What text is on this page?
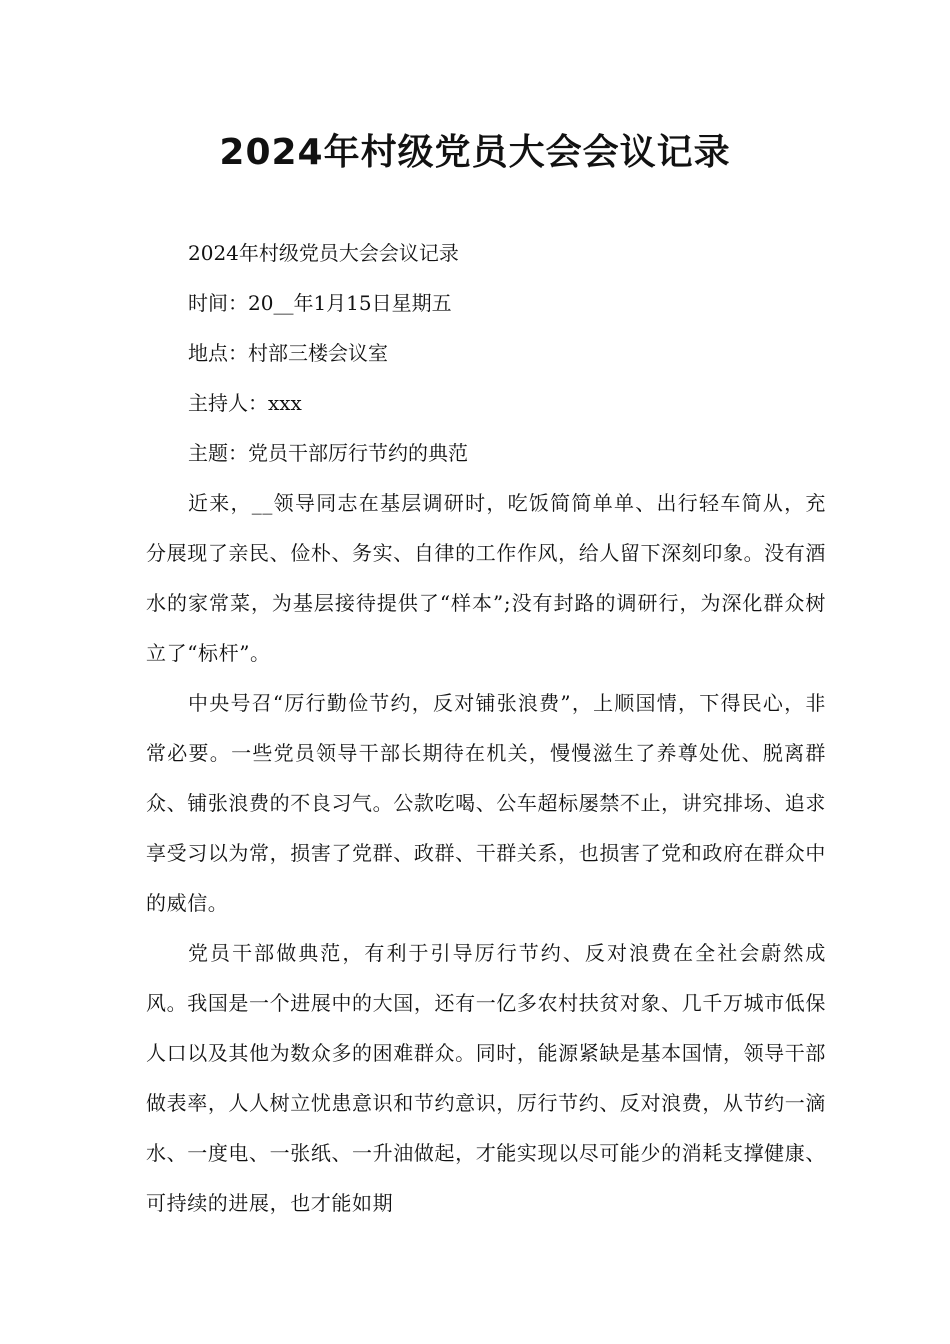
2024年村级党员大会会议记录

2024年村级党员大会会议记录

时间：20__年1月15日星期五

地点：村部三楼会议室

主持人：xxx

主题：党员干部厉行节约的典范

近来，__领导同志在基层调研时，吃饭简简单单、出行轻车简从，充分展现了亲民、俭朴、务实、自律的工作作风，给人留下深刻印象。没有酒水的家常菜，为基层接待提供了“样本”;没有封路的调研行，为深化群众树立了“标杆”。

中央号召“厉行勤俭节约，反对铺张浪费”，上顺国情，下得民心，非常必要。一些党员领导干部长期待在机关，慢慢滋生了养尊处优、脱离群众、铺张浪费的不良习气。公款吃喝、公车超标屡禁不止，讲究排场、追求享受习以为常，损害了党群、政群、干群关系，也损害了党和政府在群众中的威信。

党员干部做典范，有利于引导厉行节约、反对浪费在全社会蔚然成风。我国是一个进展中的大国，还有一亿多农村扶贫对象、几千万城市低保人口以及其他为数众多的困难群众。同时，能源紧缺是基本国情，领导干部做表率，人人树立忧患意识和节约意识，厉行节约、反对浪费，从节约一滴水、一度电、一张纸、一升油做起，才能实现以尽可能少的消耗支撑健康、可持续的进展，也才能如期
